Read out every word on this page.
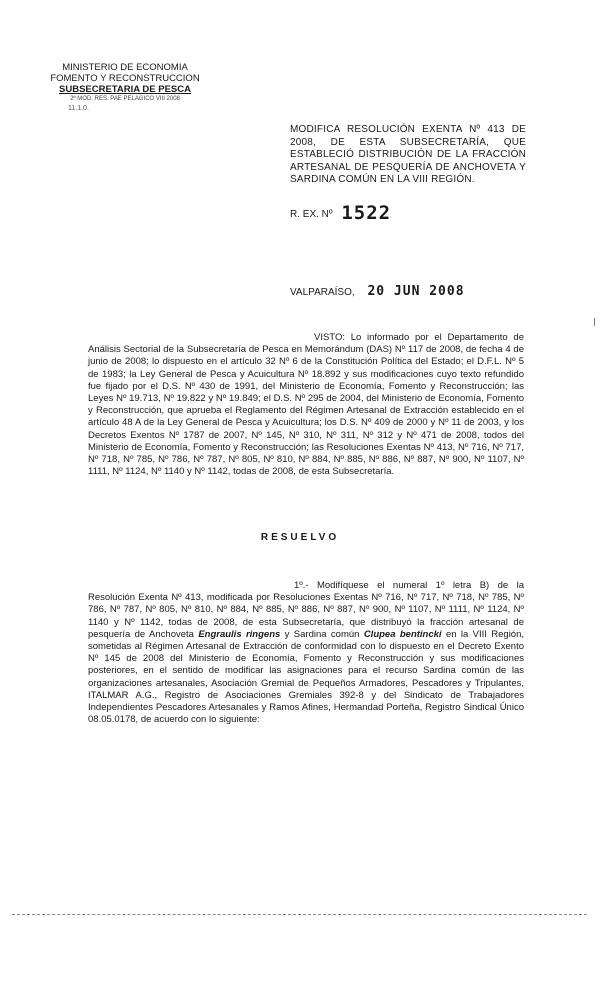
MINISTERIO DE ECONOMIA
FOMENTO Y RECONSTRUCCION
SUBSECRETARIA DE PESCA
2ª MOD. RES. PAE PELAGICO VIII 2008
11.1.0.
MODIFICA RESOLUCIÓN EXENTA Nº 413 DE 2008, DE ESTA SUBSECRETARÍA, QUE ESTABLECIÓ DISTRIBUCIÓN DE LA FRACCIÓN ARTESANAL DE PESQUERÍA DE ANCHOVETA Y SARDINA COMÚN EN LA VIII REGIÓN.
R. EX. Nº 1522
VALPARAÍSO, 20 JUN 2008
VISTO: Lo informado por el Departamento de Análisis Sectorial de la Subsecretaría de Pesca en Memorándum (DAS) Nº 117 de 2008, de fecha 4 de junio de 2008; lo dispuesto en el artículo 32 Nº 6 de la Constitución Política del Estado; el D.F.L. Nº 5 de 1983; la Ley General de Pesca y Acuicultura Nº 18.892 y sus modificaciones cuyo texto refundido fue fijado por el D.S. Nº 430 de 1991, del Ministerio de Economía, Fomento y Reconstrucción; las Leyes Nº 19.713, Nº 19.822 y Nº 19.849; el D.S. Nº 295 de 2004, del Ministerio de Economía, Fomento y Reconstrucción, que aprueba el Reglamento del Régimen Artesanal de Extracción establecido en el artículo 48 A de la Ley General de Pesca y Acuicultura; los D.S. Nº 409 de 2000 y Nº 11 de 2003, y los Decretos Exentos Nº 1787 de 2007, Nº 145, Nº 310, Nº 311, Nº 312 y Nº 471 de 2008, todos del Ministerio de Economía, Fomento y Reconstrucción; las Resoluciones Exentas Nº 413, Nº 716, Nº 717, Nº 718, Nº 785, Nº 786, Nº 787, Nº 805, Nº 810, Nº 884, Nº 885, Nº 886, Nº 887, Nº 900, Nº 1107, Nº 1111, Nº 1124, Nº 1140 y Nº 1142, todas de 2008, de esta Subsecretaría.
RESUELVO
1º.- Modifíquese el numeral 1º letra B) de la Resolución Exenta Nº 413, modificada por Resoluciones Exentas Nº 716, Nº 717, Nº 718, Nº 785, Nº 786, Nº 787, Nº 805, Nº 810, Nº 884, Nº 885, Nº 886, Nº 887, Nº 900, Nº 1107, Nº 1111, Nº 1124, Nº 1140 y Nº 1142, todas de 2008, de esta Subsecretaría, que distribuyó la fracción artesanal de pesquería de Anchoveta Engraulis ringens y Sardina común Clupea bentincki en la VIII Región, sometidas al Régimen Artesanal de Extracción de conformidad con lo dispuesto en el Decreto Exento Nº 145 de 2008 del Ministerio de Economía, Fomento y Reconstrucción y sus modificaciones posteriores, en el sentido de modificar las asignaciones para el recurso Sardina común de las organizaciones artesanales, Asociación Gremial de Pequeños Armadores, Pescadores y Tripulantes, ITALMAR A.G., Registro de Asociaciones Gremiales 392-8 y del Sindicato de Trabajadores Independientes Pescadores Artesanales y Ramos Afines, Hermandad Porteña, Registro Sindical Único 08.05.0178, de acuerdo con lo siguiente:
